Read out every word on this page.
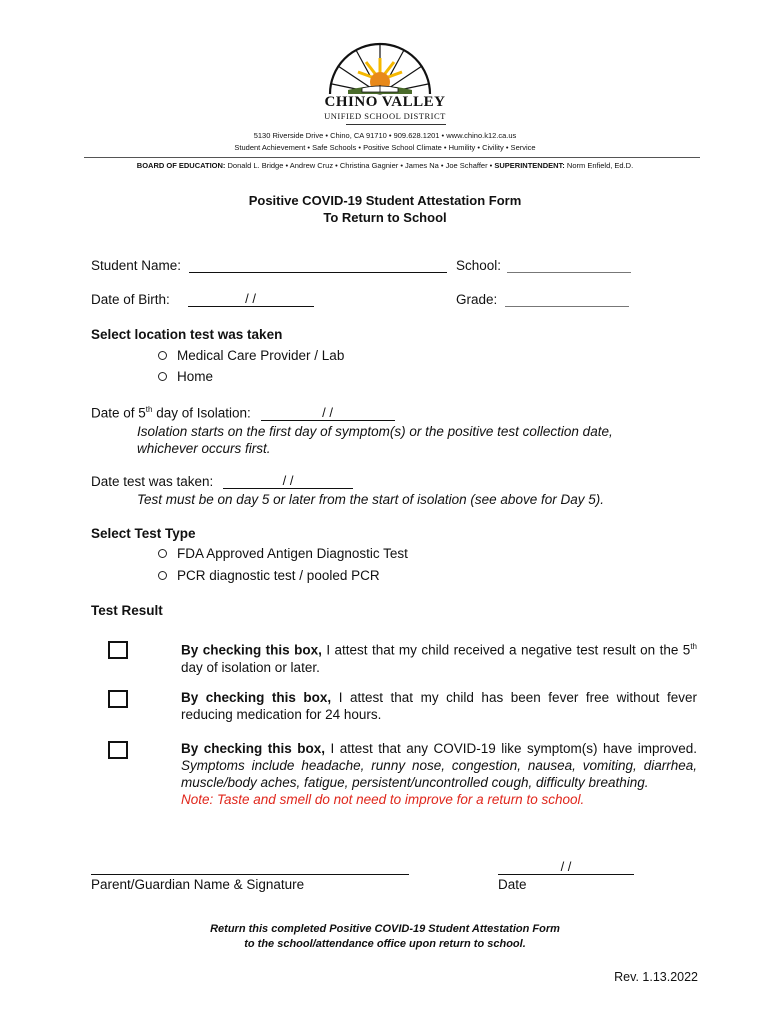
CHINO VALLEY
UNIFIED SCHOOL DISTRICT
5130 Riverside Drive • Chino, CA 91710 • 909.628.1201 • www.chino.k12.ca.us
Student Achievement • Safe Schools • Positive School Climate • Humility • Civility • Service
BOARD OF EDUCATION: Donald L. Bridge • Andrew Cruz • Christina Gagnier • James Na • Joe Schaffer • SUPERINTENDENT: Norm Enfield, Ed.D.
Positive COVID-19 Student Attestation Form
To Return to School
Student Name:	School:
Date of Birth:	/ /	Grade:
Select location test was taken
Medical Care Provider / Lab
Home
Date of 5th day of Isolation:	/ /
Isolation starts on the first day of symptom(s) or the positive test collection date, whichever occurs first.
Date test was taken:	/ /
Test must be on day 5 or later from the start of isolation (see above for Day 5).
Select Test Type
FDA Approved Antigen Diagnostic Test
PCR diagnostic test / pooled PCR
Test Result
By checking this box, I attest that my child received a negative test result on the 5th day of isolation or later.
By checking this box, I attest that my child has been fever free without fever reducing medication for 24 hours.
By checking this box, I attest that any COVID-19 like symptom(s) have improved. Symptoms include headache, runny nose, congestion, nausea, vomiting, diarrhea, muscle/body aches, fatigue, persistent/uncontrolled cough, difficulty breathing.
Note: Taste and smell do not need to improve for a return to school.
Parent/Guardian Name & Signature
/ /
Date
Return this completed Positive COVID-19 Student Attestation Form
to the school/attendance office upon return to school.
Rev. 1.13.2022
